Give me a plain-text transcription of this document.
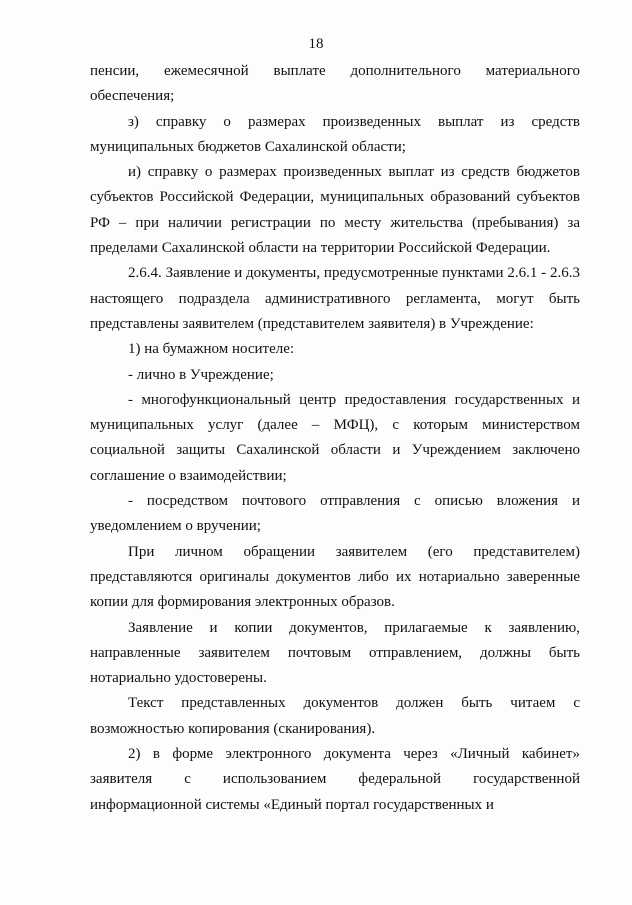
18

пенсии, ежемесячной выплате дополнительного материального
обеспечения;

з) справку о размерах произведенных выплат из средств
муниципальных бюджетов Сахалинской области;

и) справку о размерах произведенных выплат из средств бюджетов
субъектов Российской Федерации, муниципальных образований субъектов
РФ – при наличии регистрации по месту жительства (пребывания) за
пределами Сахалинской области на территории Российской Федерации.

2.6.4. Заявление и документы, предусмотренные пунктами 2.6.1 - 2.6.3
настоящего подраздела административного регламента, могут быть
представлены заявителем (представителем заявителя) в Учреждение:

1) на бумажном носителе:

- лично в Учреждение;

- многофункциональный центр предоставления государственных и
муниципальных услуг (далее – МФЦ), с которым министерством
социальной защиты Сахалинской области и Учреждением заключено
соглашение о взаимодействии;

- посредством почтового отправления с описью вложения и
уведомлением о вручении;

При личном обращении заявителем (его представителем)
представляются оригиналы документов либо их нотариально заверенные
копии для формирования электронных образов.

Заявление и копии документов, прилагаемые к заявлению,
направленные заявителем почтовым отправлением, должны быть
нотариально удостоверены.

Текст представленных документов должен быть читаем с
возможностью копирования (сканирования).

2) в форме электронного документа через «Личный кабинет»
заявителя с использованием федеральной государственной
информационной системы «Единый портал государственных и
